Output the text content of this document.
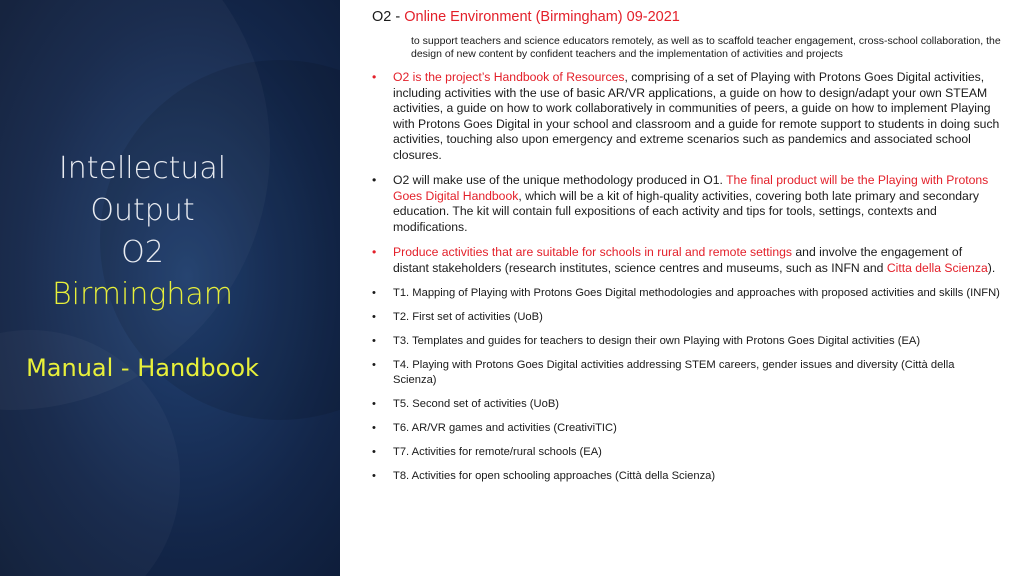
Intellectual
Output
O2
Birmingham
Manual - Handbook
O2 - Online Environment (Birmingham) 09-2021
to support teachers and science educators remotely, as well as to scaffold teacher engagement, cross-school collaboration, the design of new content by confident teachers and the implementation of activities and projects
• O2 is the project’s Handbook of Resources, comprising of a set of Playing with Protons Goes Digital activities, including activities with the use of basic AR/VR applications, a guide on how to design/adapt your own STEAM activities, a guide on how to work collaboratively in communities of peers, a guide on how to implement Playing with Protons Goes Digital in your school and classroom and a guide for remote support to students in doing such activities, touching also upon emergency and extreme scenarios such as pandemics and associated school closures.
• O2 will make use of the unique methodology produced in O1. The final product will be the Playing with Protons Goes Digital Handbook, which will be a kit of high-quality activities, covering both late primary and secondary education. The kit will contain full expositions of each activity and tips for tools, settings, contexts and modifications.
• Produce activities that are suitable for schools in rural and remote settings and involve the engagement of distant stakeholders (research institutes, science centres and museums, such as INFN and Citta della Scienza).
• T1. Mapping of Playing with Protons Goes Digital methodologies and approaches with proposed activities and skills (INFN)
• T2. First set of activities (UoB)
• T3. Templates and guides for teachers to design their own Playing with Protons Goes Digital activities (EA)
• T4. Playing with Protons Goes Digital activities addressing STEM careers, gender issues and diversity (Città della Scienza)
• T5. Second set of activities (UoB)
• T6. AR/VR games and activities (CreativiTIC)
• T7. Activities for remote/rural schools (EA)
• T8. Activities for open schooling approaches (Città della Scienza)
